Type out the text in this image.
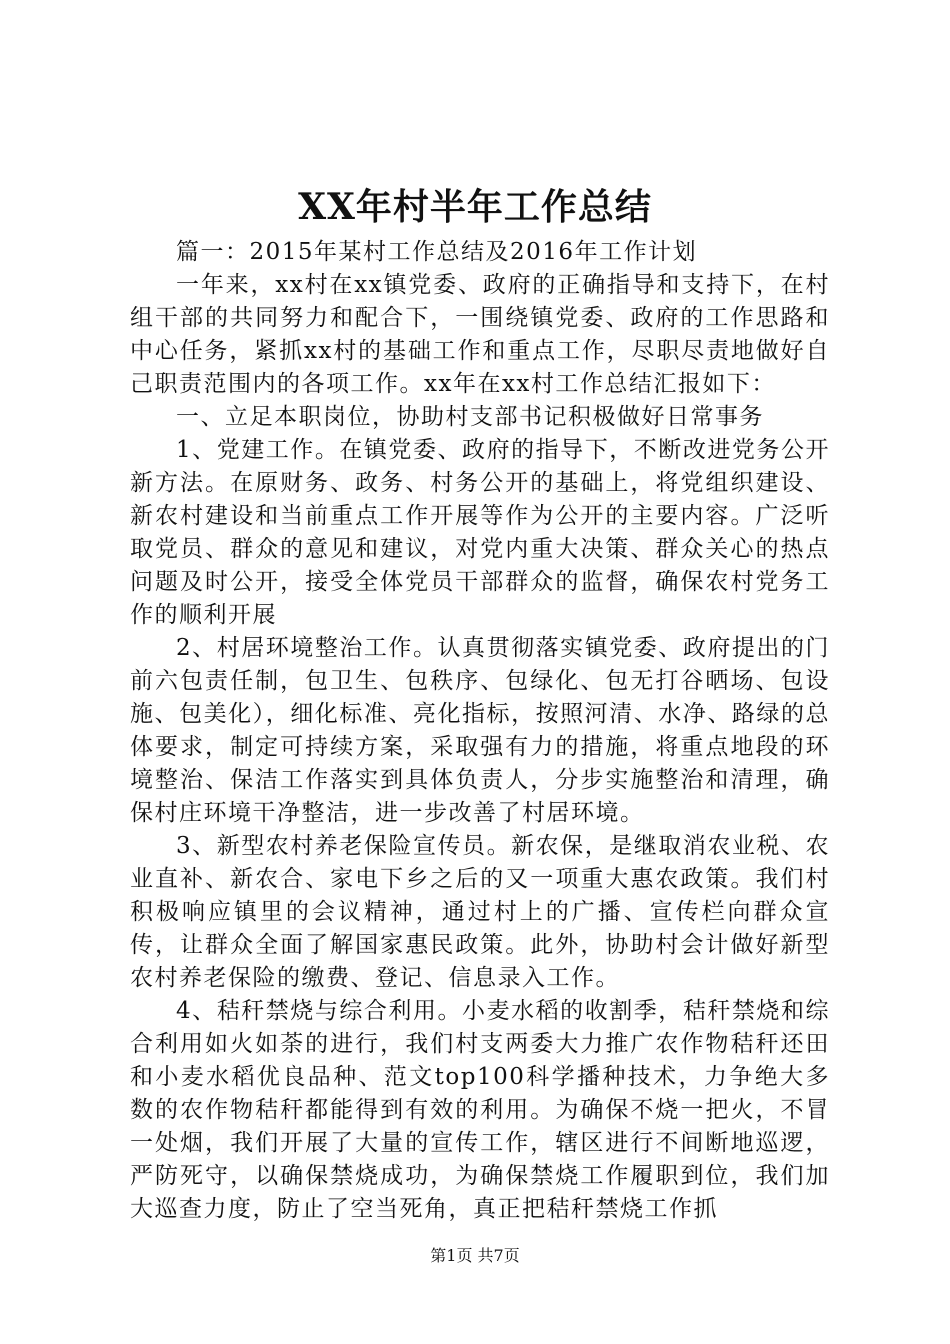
XX年村半年工作总结

篇一：2015年某村工作总结及2016年工作计划

一年来，xx村在xx镇党委、政府的正确指导和支持下，在村组干部的共同努力和配合下，一围绕镇党委、政府的工作思路和中心任务，紧抓xx村的基础工作和重点工作，尽职尽责地做好自己职责范围内的各项工作。xx年在xx村工作总结汇报如下：

一、立足本职岗位，协助村支部书记积极做好日常事务

1、党建工作。在镇党委、政府的指导下，不断改进党务公开新方法。在原财务、政务、村务公开的基础上，将党组织建设、新农村建设和当前重点工作开展等作为公开的主要内容。广泛听取党员、群众的意见和建议，对党内重大决策、群众关心的热点问题及时公开，接受全体党员干部群众的监督，确保农村党务工作的顺利开展

2、村居环境整治工作。认真贯彻落实镇党委、政府提出的门前六包责任制，包卫生、包秩序、包绿化、包无打谷晒场、包设施、包美化），细化标准、亮化指标，按照河清、水净、路绿的总体要求，制定可持续方案，采取强有力的措施，将重点地段的环境整治、保洁工作落实到具体负责人，分步实施整治和清理，确保村庄环境干净整洁，进一步改善了村居环境。

3、新型农村养老保险宣传员。新农保，是继取消农业税、农业直补、新农合、家电下乡之后的又一项重大惠农政策。我们村积极响应镇里的会议精神，通过村上的广播、宣传栏向群众宣传，让群众全面了解国家惠民政策。此外，协助村会计做好新型农村养老保险的缴费、登记、信息录入工作。

4、秸秆禁烧与综合利用。小麦水稻的收割季，秸秆禁烧和综合利用如火如荼的进行，我们村支两委大力推广农作物秸秆还田和小麦水稻优良品种、范文top100科学播种技术，力争绝大多数的农作物秸秆都能得到有效的利用。为确保不烧一把火，不冒一处烟，我们开展了大量的宣传工作，辖区进行不间断地巡逻，严防死守，以确保禁烧成功，为确保禁烧工作履职到位，我们加大巡查力度，防止了空当死角，真正把秸秆禁烧工作抓

第1页 共7页
